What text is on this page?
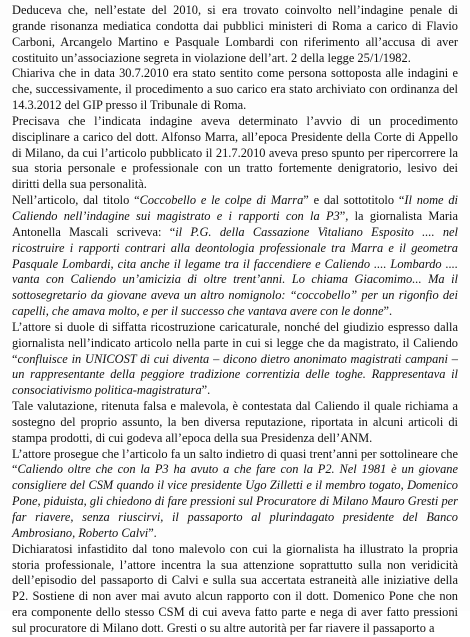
Deduceva che, nell’estate del 2010, si era trovato coinvolto nell’indagine penale di grande risonanza mediatica condotta dai pubblici ministeri di Roma a carico di Flavio Carboni, Arcangelo Martino e Pasquale Lombardi con riferimento all’accusa di aver costituito un’associazione segreta in violazione dell’art. 2 della legge 25/1/1982.

Chiariva che in data 30.7.2010 era stato sentito come persona sottoposta alle indagini e che, successivamente, il procedimento a suo carico era stato archiviato con ordinanza del 14.3.2012 del GIP presso il Tribunale di Roma.

Precisava che l’indicata indagine aveva determinato l’avvio di un procedimento disciplinare a carico del dott. Alfonso Marra, all’epoca Presidente della Corte di Appello di Milano, da cui l’articolo pubblicato il 21.7.2010 aveva preso spunto per ripercorrere la sua storia personale e professionale con un tratto fortemente denigratorio, lesivo dei diritti della sua personalità.

Nell’articolo, dal titolo “Coccobello e le colpe di Marra” e dal sottotitolo “Il nome di Caliendo nell’indagine sui magistrato e i rapporti con la P3”, la giornalista Maria Antonella Mascali scriveva: “il P.G. della Cassazione Vitaliano Esposito .... nel ricostruire i rapporti contrari alla deontologia professionale tra Marra e il geometra Pasquale Lombardi, cita anche il legame tra il faccendiere e Caliendo .... Lombardo .... vanta con Caliendo un’amicizia di oltre trent’anni. Lo chiama Giacomimo... Ma il sottosegretario da giovane aveva un altro nomignolo: “coccobello” per un rigonfio dei capelli, che amava molto, e per il successo che vantava avere con le donne”.

L’attore si duole di siffatta ricostruzione caricaturale, nonché del giudizio espresso dalla giornalista nell’indicato articolo nella parte in cui si legge che da magistrato, il Caliendo “confluisce in UNICOST di cui diventa – dicono dietro anonimato magistrati campani – un rappresentante della peggiore tradizione correntizia delle toghe. Rappresentava il consociativismo politica-magistratura”.

Tale valutazione, ritenuta falsa e malevola, è contestata dal Caliendo il quale richiama a sostegno del proprio assunto, la ben diversa reputazione, riportata in alcuni articoli di stampa prodotti, di cui godeva all’epoca della sua Presidenza dell’ANM.

L’attore prosegue che l’articolo fa un salto indietro di quasi trent’anni per sottolineare che “Caliendo oltre che con la P3 ha avuto a che fare con la P2. Nel 1981 è un giovane consigliere del CSM quando il vice presidente Ugo Zilletti e il membro togato, Domenico Pone, piduista, gli chiedono di fare pressioni sul Procuratore di Milano Mauro Gresti per far riavere, senza riuscirvi, il passaporto al plurindagato presidente del Banco Ambrosiano, Roberto Calvi”.

Dichiaratosi infastidito dal tono malevolo con cui la giornalista ha illustrato la propria storia professionale, l’attore incentra la sua attenzione soprattutto sulla non veridicità dell’episodio del passaporto di Calvi e sulla sua accertata estraneità alle iniziative della P2. Sostiene di non aver mai avuto alcun rapporto con il dott. Domenico Pone che non era componente dello stesso CSM di cui aveva fatto parte e nega di aver fatto pressioni sul procuratore di Milano dott. Gresti o su altre autorità per far riavere il passaporto a
